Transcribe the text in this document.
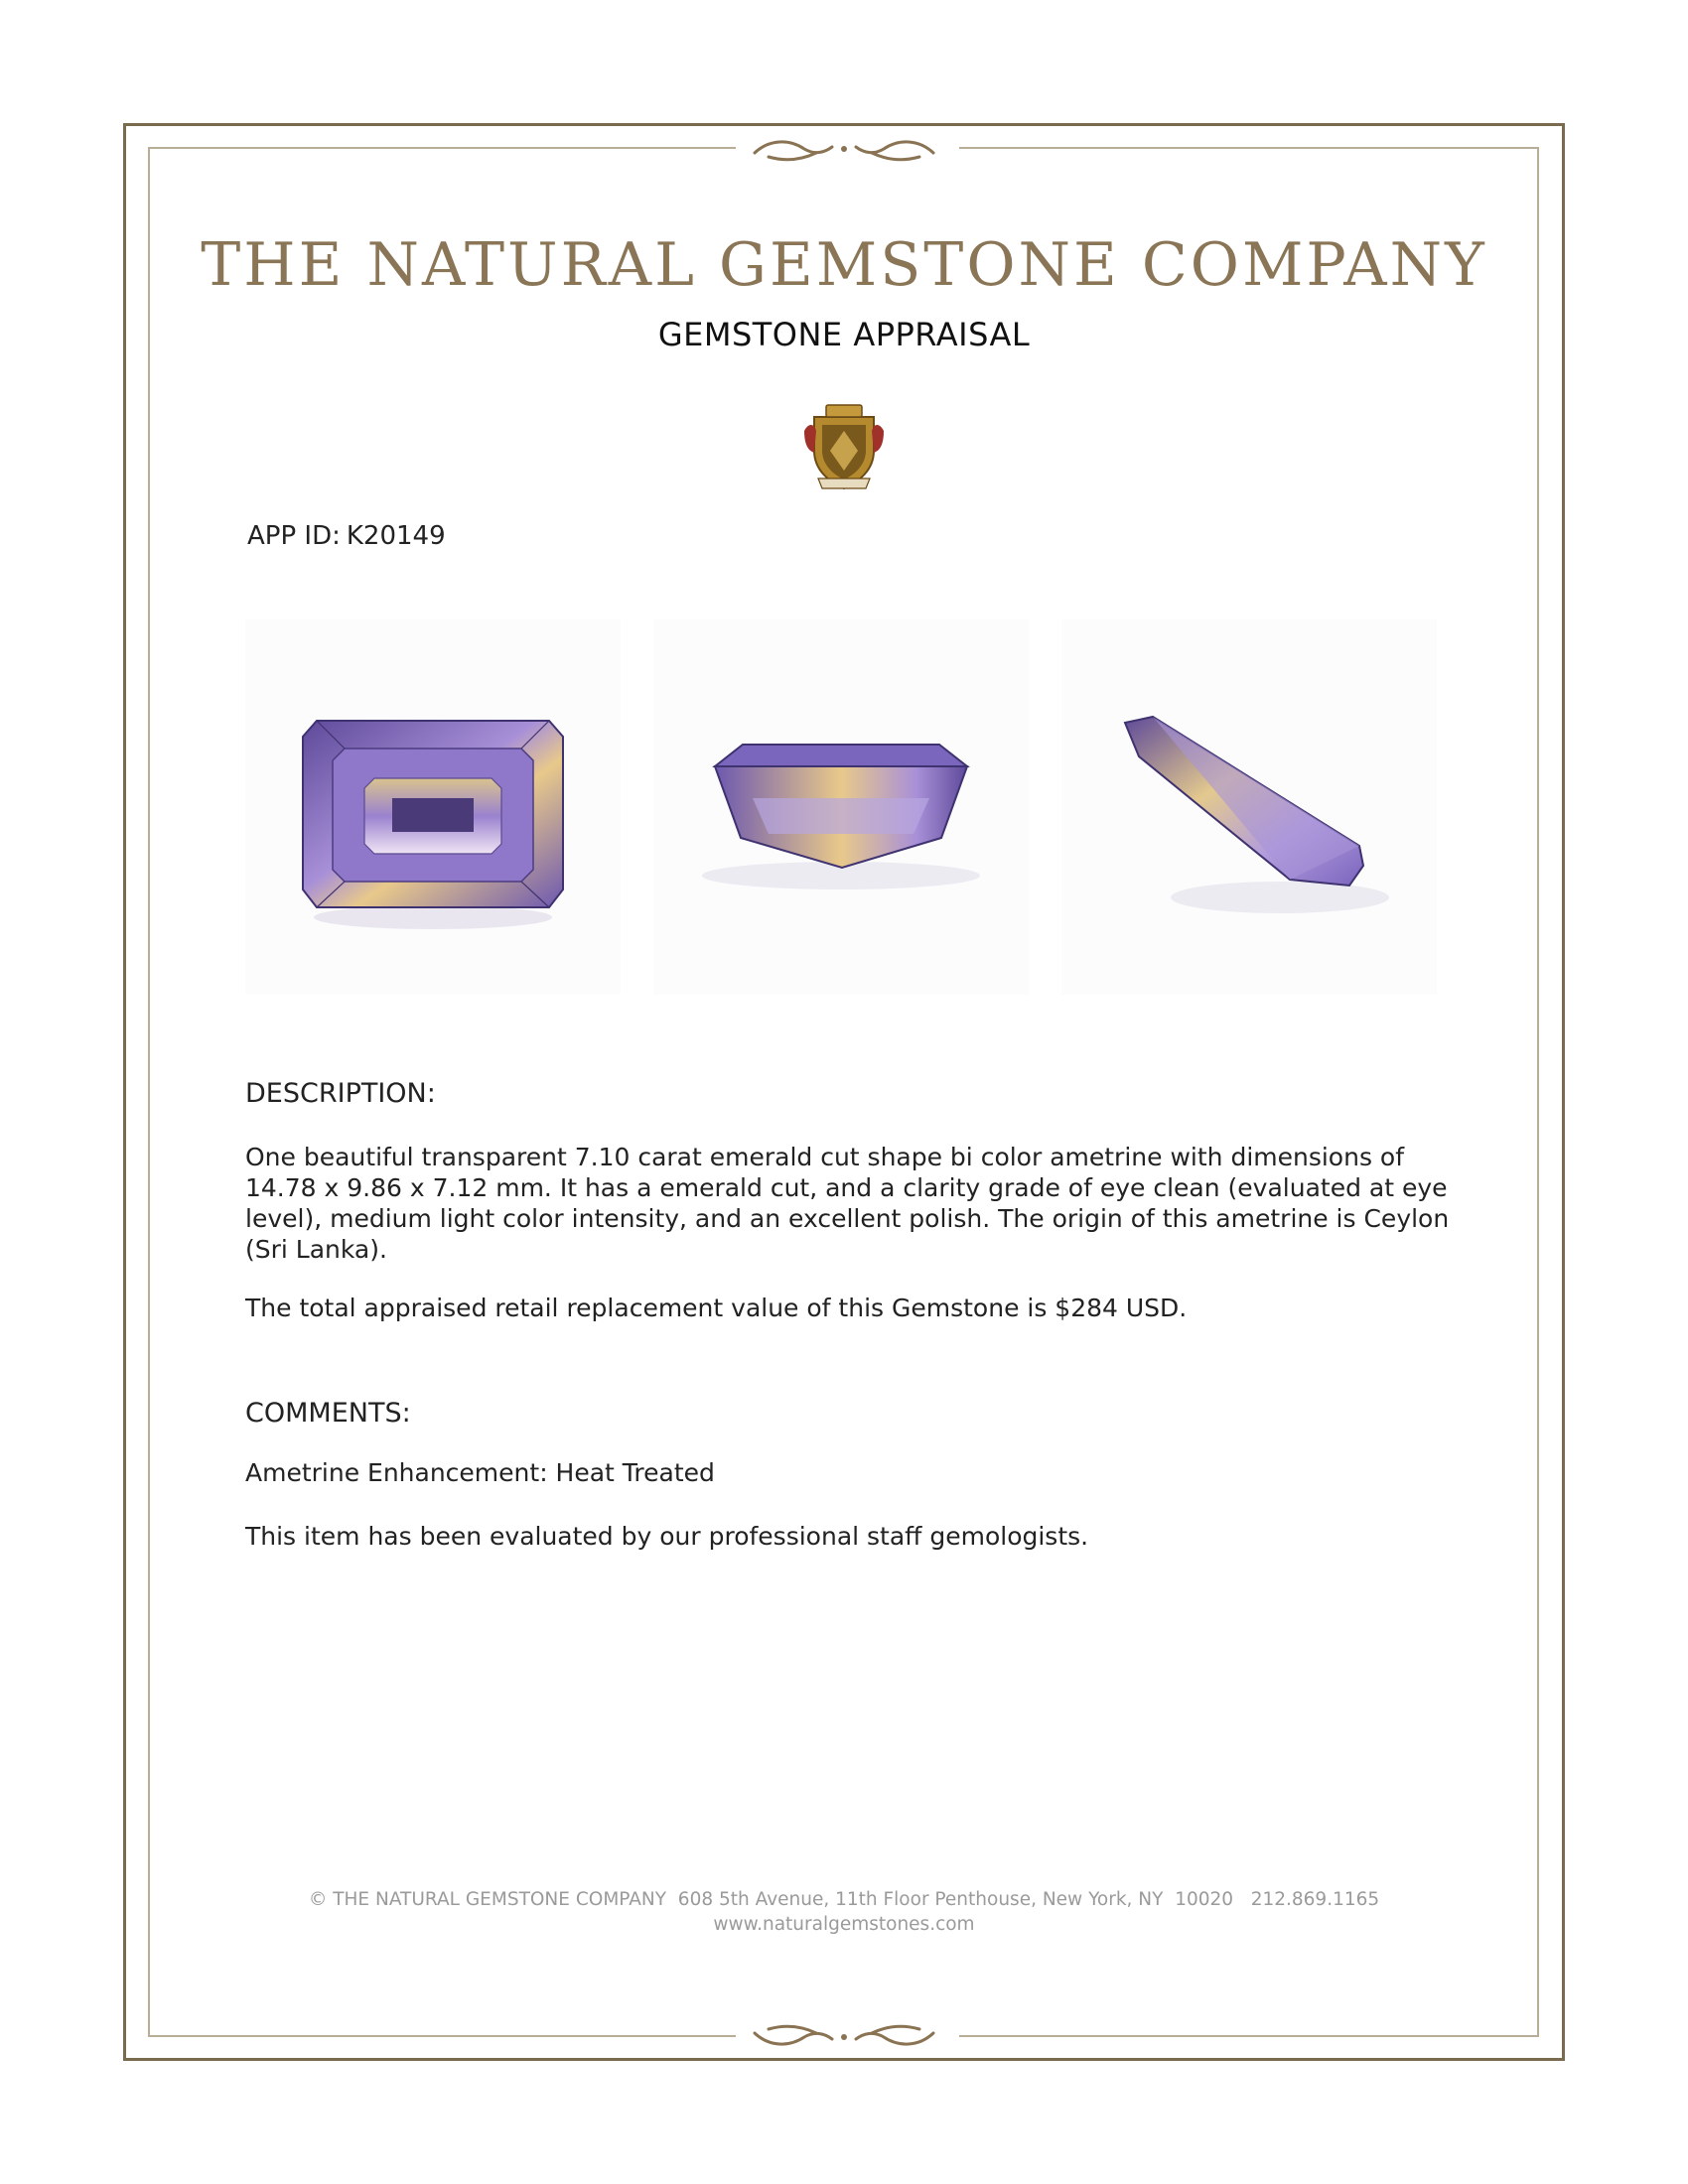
THE NATURAL GEMSTONE COMPANY
GEMSTONE APPRAISAL
APP ID: K20149
DESCRIPTION:
One beautiful transparent 7.10 carat emerald cut shape bi color ametrine with dimensions of 14.78 x 9.86 x 7.12 mm. It has a emerald cut, and a clarity grade of eye clean (evaluated at eye level), medium light color intensity, and an excellent polish. The origin of this ametrine is Ceylon (Sri Lanka).
The total appraised retail replacement value of this Gemstone is $284 USD.
COMMENTS:
Ametrine Enhancement: Heat Treated
This item has been evaluated by our professional staff gemologists.
© THE NATURAL GEMSTONE COMPANY  608 5th Avenue, 11th Floor Penthouse, New York, NY  10020   212.869.1165
www.naturalgemstones.com
